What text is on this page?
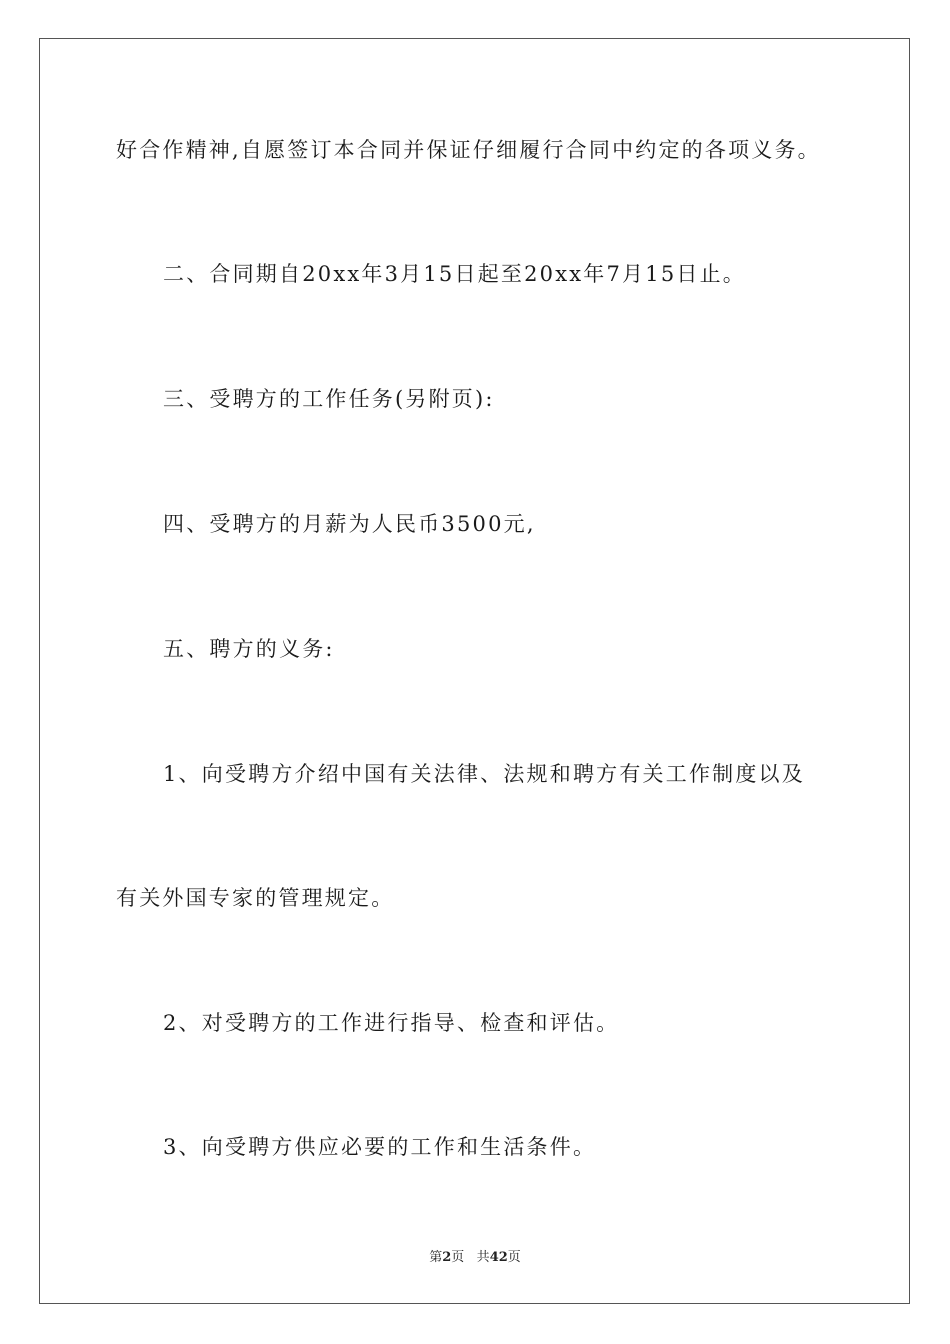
好合作精神,自愿签订本合同并保证仔细履行合同中约定的各项义务。
二、合同期自20xx年3月15日起至20xx年7月15日止。
三、受聘方的工作任务(另附页):
四、受聘方的月薪为人民币3500元,
五、聘方的义务:
1、向受聘方介绍中国有关法律、法规和聘方有关工作制度以及
有关外国专家的管理规定。
2、对受聘方的工作进行指导、检查和评估。
3、向受聘方供应必要的工作和生活条件。
第2页 共42页
